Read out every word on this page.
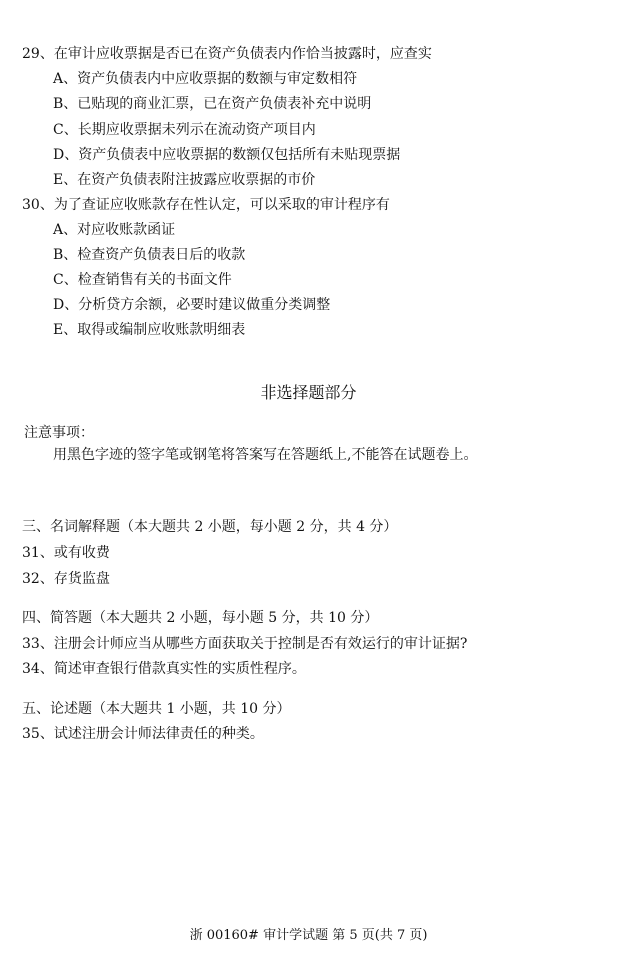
29、在审计应收票据是否已在资产负债表内作恰当披露时，应查实
A、资产负债表内中应收票据的数额与审定数相符
B、已贴现的商业汇票，已在资产负债表补充中说明
C、长期应收票据未列示在流动资产项目内
D、资产负债表中应收票据的数额仅包括所有未贴现票据
E、在资产负债表附注披露应收票据的市价
30、为了查证应收账款存在性认定，可以采取的审计程序有
A、对应收账款函证
B、检查资产负债表日后的收款
C、检查销售有关的书面文件
D、分析贷方余额，必要时建议做重分类调整
E、取得或编制应收账款明细表
非选择题部分
注意事项：
用黑色字迹的签字笔或钢笔将答案写在答题纸上,不能答在试题卷上。
三、名词解释题（本大题共 2 小题，每小题 2 分，共 4 分）
31、或有收费
32、存货监盘
四、简答题（本大题共 2 小题，每小题 5 分，共 10 分）
33、注册会计师应当从哪些方面获取关于控制是否有效运行的审计证据?
34、简述审查银行借款真实性的实质性程序。
五、论述题（本大题共 1 小题，共 10 分）
35、试述注册会计师法律责任的种类。
浙 00160# 审计学试题 第 5 页(共 7 页)
